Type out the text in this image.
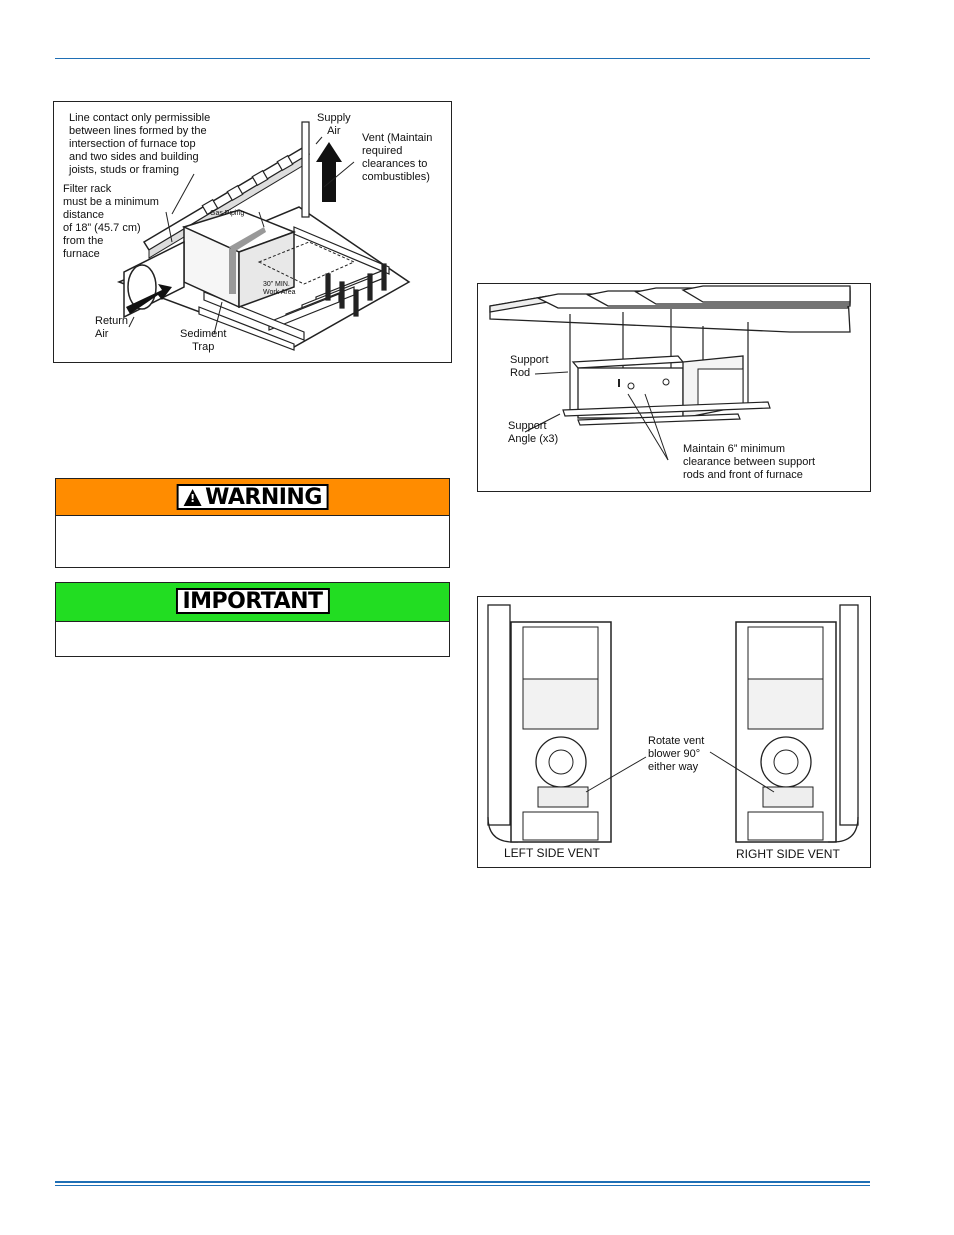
Line contact only permissible
between lines formed by the
intersection of furnace top
and two sides and building
joists, studs or framing
Supply
Air
Vent (Maintain
required
clearances to
combustibles)
Filter rack
must be a minimum
distance
of 18” (45.7 cm)
from the
furnace
Gas Piping
30” MIN.
Work Area
Return
Air	Sediment
Trap
! WARNING
IMPORTANT
Support
Rod
Support
Angle (x3)
Maintain 6” minimum
clearance between support
rods and front of furnace
Rotate vent
blower 90°
either way
LEFT SIDE VENT	RIGHT SIDE VENT
